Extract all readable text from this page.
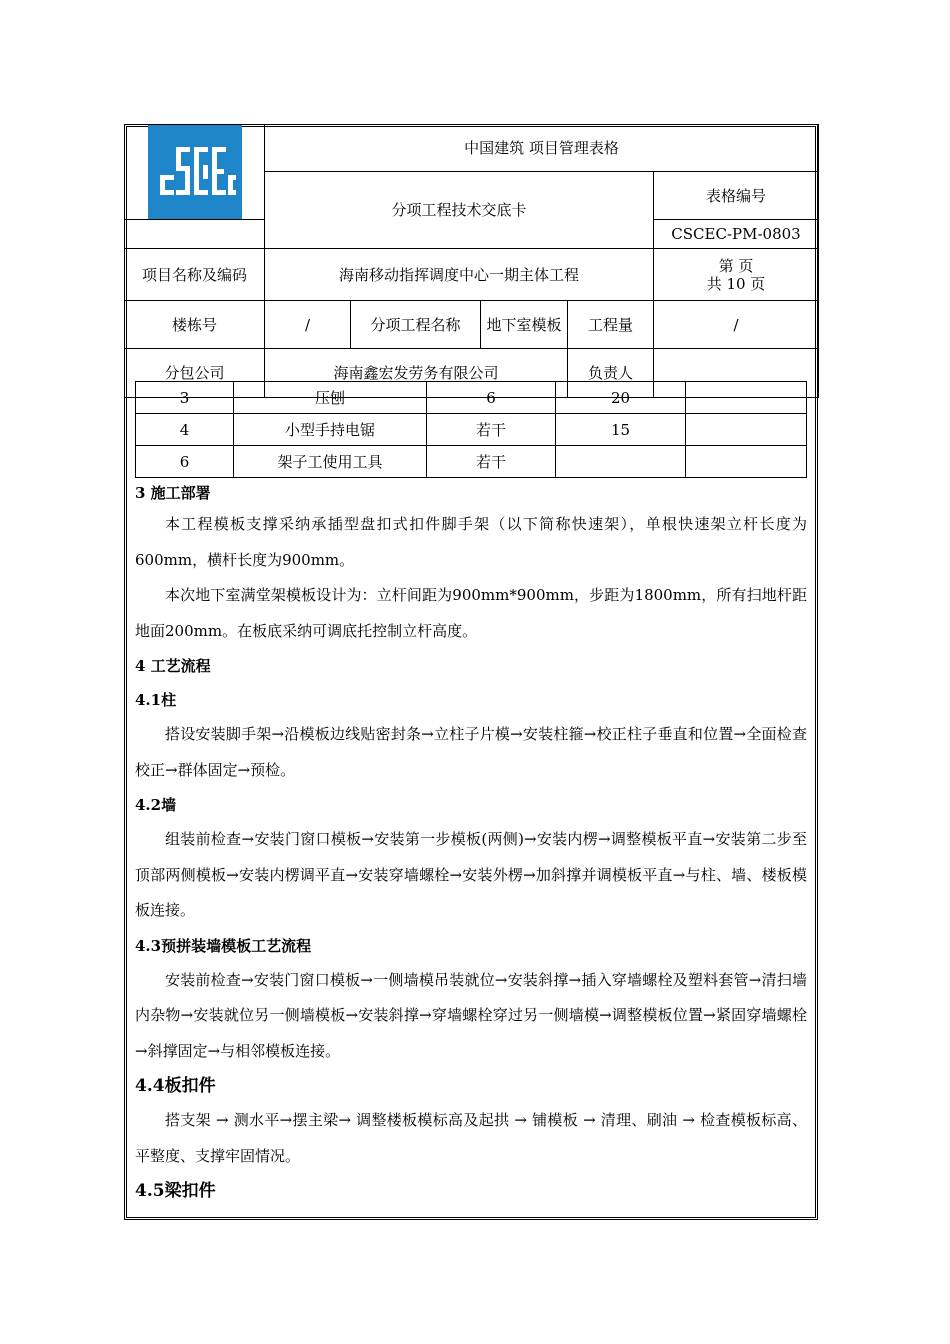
	中国建筑 项目管理表格				
	分项工程技术交底卡				表格编号
					CSCEC-PM-0803
项目名称及编码	海南移动指挥调度中心一期主体工程				第 页
共 10 页

楼栋号	/	分项工程名称	地下室模板	工程量	/
分包公司	海南鑫宏发劳务有限公司			负责人	
3	压刨	6	20	
4	小型手持电锯	若干	15	
6	架子工使用工具	若干		

3 施工部署

本工程模板支撑采纳承插型盘扣式扣件脚手架（以下简称快速架），单根快速架立杆长度为600mm，横杆长度为900mm。

本次地下室满堂架模板设计为：立杆间距为900mm*900mm，步距为1800mm，所有扫地杆距地面200mm。在板底采纳可调底托控制立杆高度。

4 工艺流程

4.1柱

搭设安装脚手架→沿模板边线贴密封条→立柱子片模→安装柱箍→校正柱子垂直和位置→全面检查校正→群体固定→预检。

4.2墙

组装前检查→安装门窗口模板→安装第一步模板(两侧)→安装内楞→调整模板平直→安装第二步至顶部两侧模板→安装内楞调平直→安装穿墙螺栓→安装外楞→加斜撑并调模板平直→与柱、墙、楼板模板连接。

4.3预拼装墙模板工艺流程

安装前检查→安装门窗口模板→一侧墙模吊装就位→安装斜撑→插入穿墙螺栓及塑料套管→清扫墙内杂物→安装就位另一侧墙模板→安装斜撑→穿墙螺栓穿过另一侧墙模→调整模板位置→紧固穿墙螺栓→斜撑固定→与相邻模板连接。

4.4板扣件

搭支架 → 测水平→摆主梁→ 调整楼板模标高及起拱 → 铺模板 → 清理、刷油 → 检查模板标高、平整度、支撑牢固情况。

4.5梁扣件
